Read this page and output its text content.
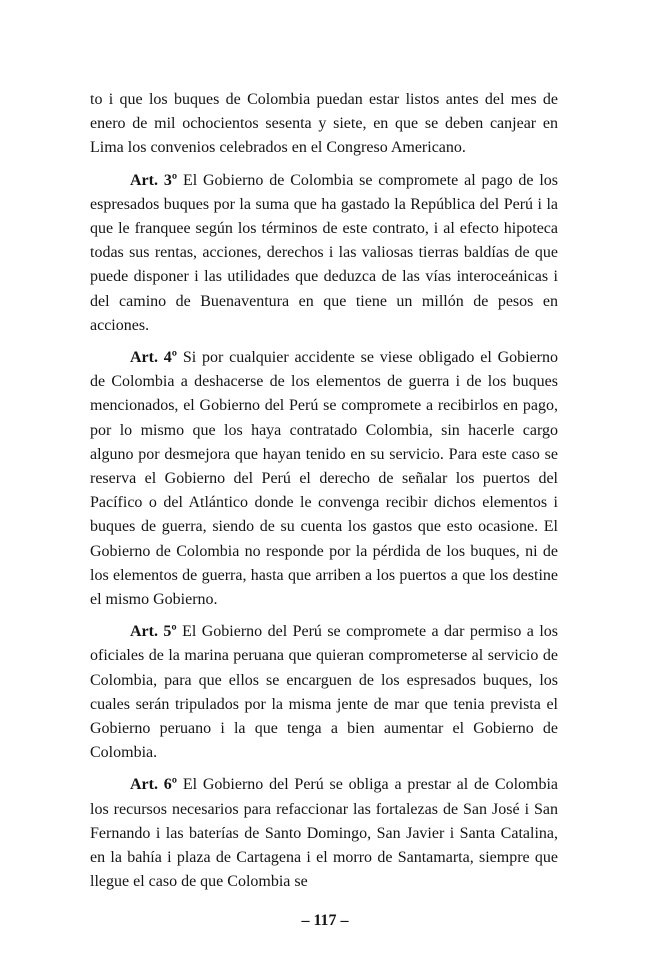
to i que los buques de Colombia puedan estar listos antes del mes de enero de mil ochocientos sesenta y siete, en que se deben canjear en Lima los convenios celebrados en el Congreso Americano.

Art. 3º El Gobierno de Colombia se compromete al pago de los espresados buques por la suma que ha gastado la República del Perú i la que le franquee según los términos de este contrato, i al efecto hipoteca todas sus rentas, acciones, derechos i las valiosas tierras baldías de que puede disponer i las utilidades que deduzca de las vías interoceánicas i del camino de Buenaventura en que tiene un millón de pesos en acciones.

Art. 4º Si por cualquier accidente se viese obligado el Gobierno de Colombia a deshacerse de los elementos de guerra i de los buques mencionados, el Gobierno del Perú se compromete a recibirlos en pago, por lo mismo que los haya contratado Colombia, sin hacerle cargo alguno por desmejora que hayan tenido en su servicio. Para este caso se reserva el Gobierno del Perú el derecho de señalar los puertos del Pacífico o del Atlántico donde le convenga recibir dichos elementos i buques de guerra, siendo de su cuenta los gastos que esto ocasione. El Gobierno de Colombia no responde por la pérdida de los buques, ni de los elementos de guerra, hasta que arriben a los puertos a que los destine el mismo Gobierno.

Art. 5º El Gobierno del Perú se compromete a dar permiso a los oficiales de la marina peruana que quieran comprometerse al servicio de Colombia, para que ellos se encarguen de los espresados buques, los cuales serán tripulados por la misma jente de mar que tenia prevista el Gobierno peruano i la que tenga a bien aumentar el Gobierno de Colombia.

Art. 6º El Gobierno del Perú se obliga a prestar al de Colombia los recursos necesarios para refaccionar las fortalezas de San José i San Fernando i las baterías de Santo Domingo, San Javier i Santa Catalina, en la bahía i plaza de Cartagena i el morro de Santamarta, siempre que llegue el caso de que Colombia se

– 117 –
